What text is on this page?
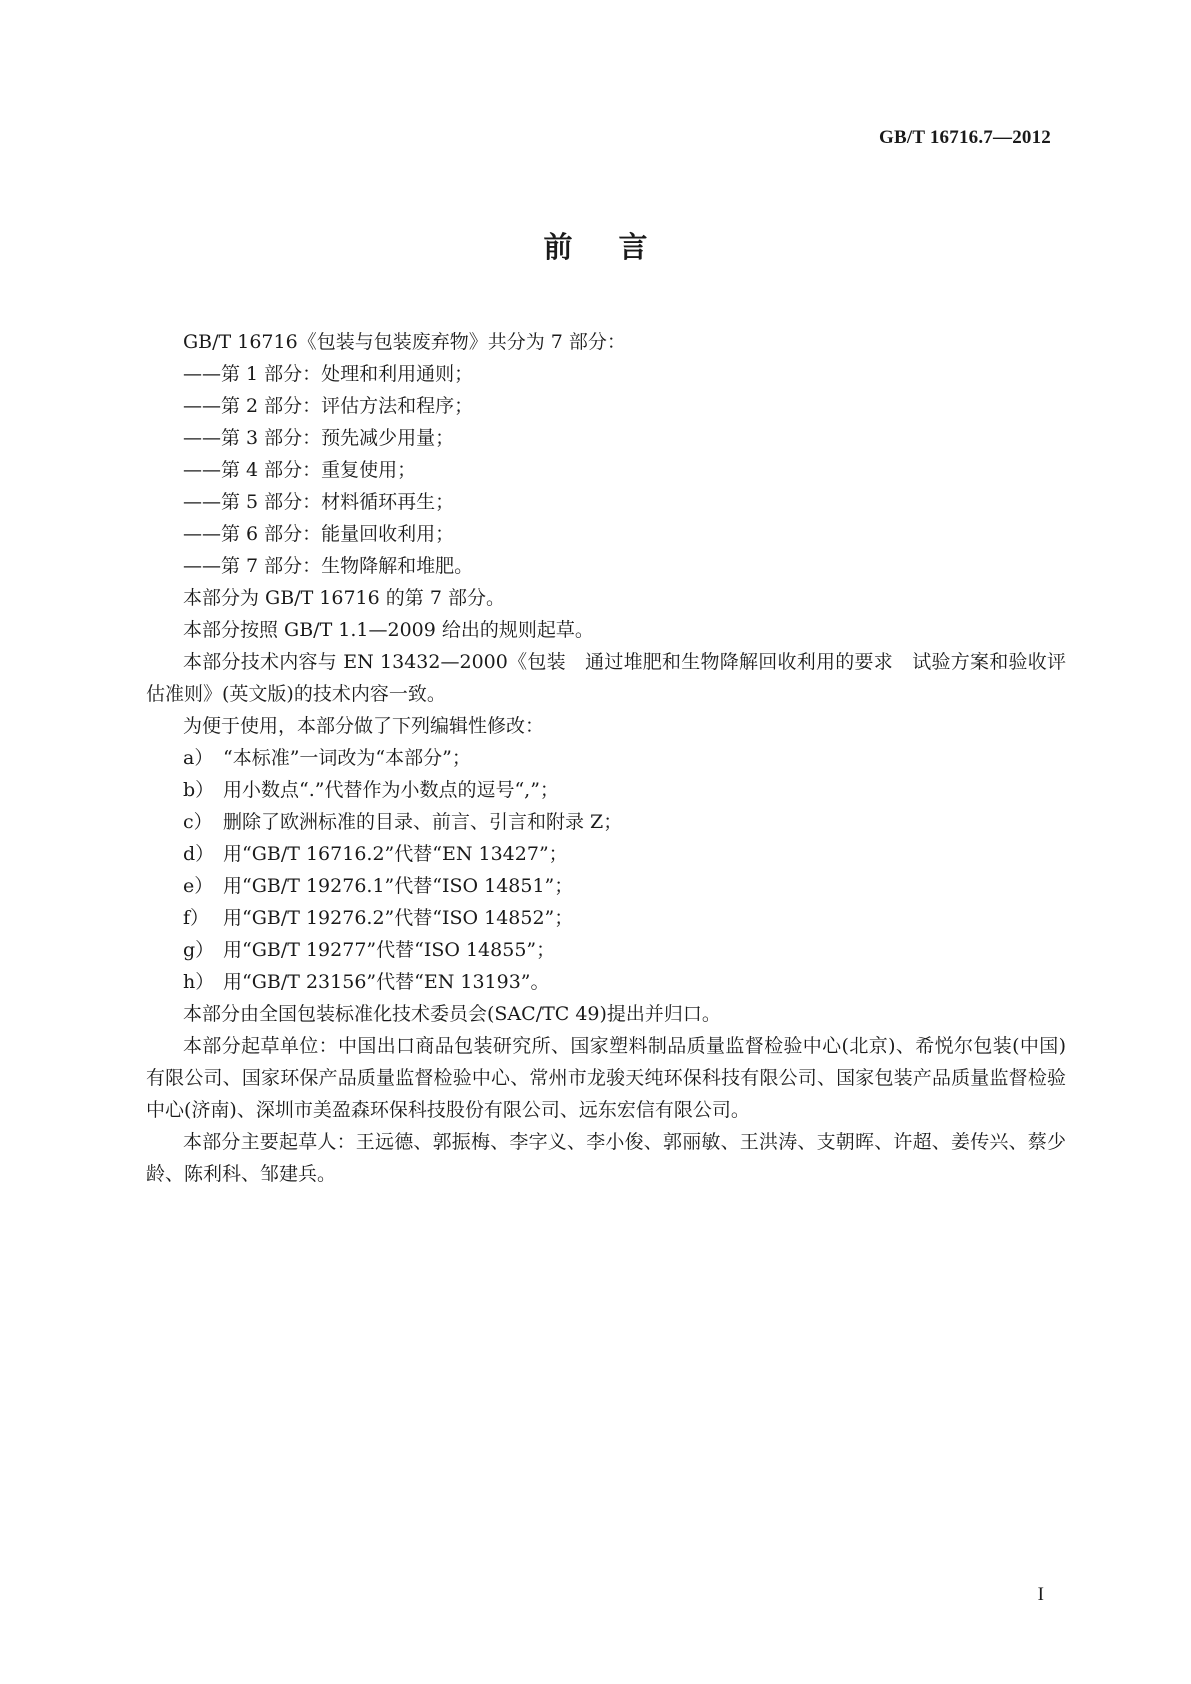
GB/T 16716.7—2012
前言

GB/T 16716《包装与包装废弃物》共分为 7 部分：

——第 1 部分：处理和利用通则；

——第 2 部分：评估方法和程序；

——第 3 部分：预先减少用量；

——第 4 部分：重复使用；

——第 5 部分：材料循环再生；

——第 6 部分：能量回收利用；

——第 7 部分：生物降解和堆肥。

本部分为 GB/T 16716 的第 7 部分。

本部分按照 GB/T 1.1—2009 给出的规则起草。

本部分技术内容与 EN 13432—2000《包装　通过堆肥和生物降解回收利用的要求　试验方案和验收评估准则》(英文版)的技术内容一致。

为便于使用，本部分做了下列编辑性修改：

a） “本标准”一词改为“本部分”；

b） 用小数点“.”代替作为小数点的逗号“,”；

c） 删除了欧洲标准的目录、前言、引言和附录 Z；

d） 用“GB/T 16716.2”代替“EN 13427”；

e） 用“GB/T 19276.1”代替“ISO 14851”；

f） 用“GB/T 19276.2”代替“ISO 14852”；

g） 用“GB/T 19277”代替“ISO 14855”；

h） 用“GB/T 23156”代替“EN 13193”。

本部分由全国包装标准化技术委员会(SAC/TC 49)提出并归口。

本部分起草单位：中国出口商品包装研究所、国家塑料制品质量监督检验中心(北京)、希悦尔包装(中国)有限公司、国家环保产品质量监督检验中心、常州市龙骏天纯环保科技有限公司、国家包装产品质量监督检验中心(济南)、深圳市美盈森环保科技股份有限公司、远东宏信有限公司。

本部分主要起草人：王远德、郭振梅、李字义、李小俊、郭丽敏、王洪涛、支朝晖、许超、姜传兴、蔡少龄、陈利科、邹建兵。

I
